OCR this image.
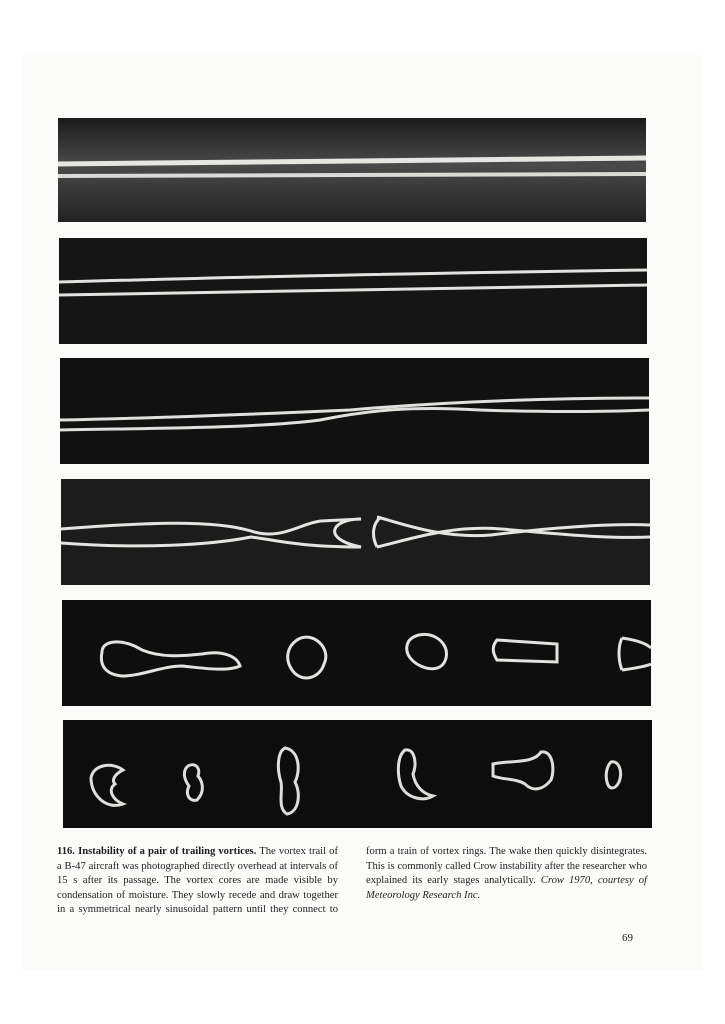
116. Instability of a pair of trailing vortices. The vortex trail of a B-47 aircraft was photographed directly overhead at intervals of 15 s after its passage. The vortex cores are made visible by condensation of moisture. They slowly recede and draw together in a symmetrical nearly sinusoidal pattern until they connect to form a train of vortex rings. The wake then quickly disintegrates. This is commonly called Crow instability after the researcher who explained its early stages analytically. Crow 1970, courtesy of Meteorology Research Inc.
69
